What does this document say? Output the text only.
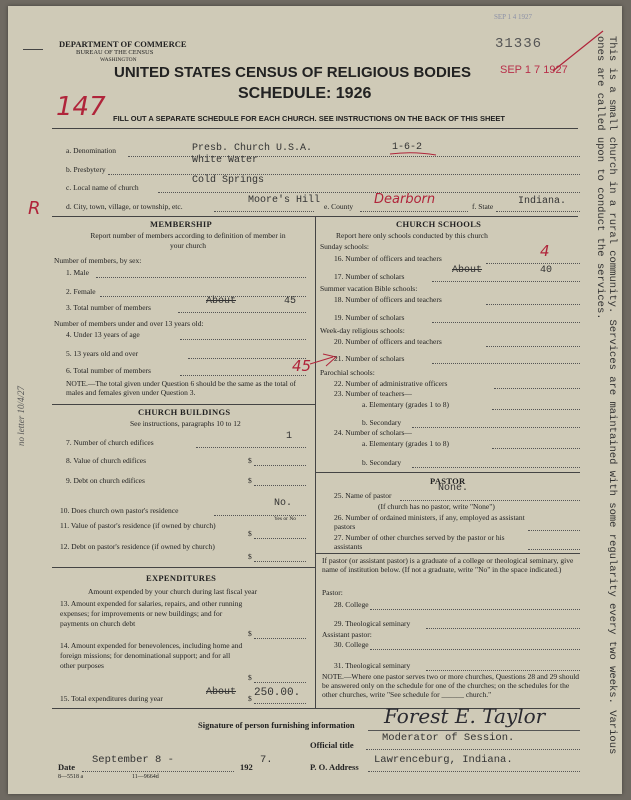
DEPARTMENT OF COMMERCE
BUREAU OF THE CENSUS
WASHINGTON
UNITED STATES CENSUS OF RELIGIOUS BODIES
SCHEDULE: 1926
FILL OUT A SEPARATE SCHEDULE FOR EACH CHURCH. SEE INSTRUCTIONS ON THE BACK OF THIS SHEET
SEP 1 4 1927
31336
SEP 1 7 1927
147
R	This is a small church in a rural community. Services are maintained with some regularity every two weeks. Various ones are called upon to conduct the services.
no letter 10/4/27
a. Denomination	Presb. Church U.S.A.	1-6-2
b. Presbytery
White Water
c. Local name of church
Cold Springs
d. City, town, village, or township, etc.
Moore's Hill
e. County Dearborn	f. State Indiana.
MEMBERSHIP
Report number of members according to definition of member in your church
Number of members, by sex:
1. Male
2. Female
3. Total number of members
About	45
Number of members under and over 13 years old:
4. Under 13 years of age
5. 13 years old and over
6. Total number of members	45
NOTE.—The total given under Question 6 should be the same as the total of males and females given under Question 3.
CHURCH BUILDINGS
See instructions, paragraphs 10 to 12
7. Number of church edifices
1
8. Value of church edifices	$
9. Debt on church edifices	$
10. Does church own pastor's residence
No.
Yes or No
11. Value of pastor's residence (if owned by church)
$
12. Debt on pastor's residence (if owned by church)
$
EXPENDITURES
Amount expended by your church during last fiscal year
13. Amount expended for salaries, repairs, and other running expenses; for improvements or new buildings; and for payments on church debt
$
14. Amount expended for benevolences, including home and foreign missions; for denominational support; and for all other purposes
$
15. Total expenditures during year	$
About 250.00.
CHURCH SCHOOLS
Report here only schools conducted by this church
Sunday schools:
16. Number of officers and teachers	4
17. Number of scholars
About	40
Summer vacation Bible schools:
18. Number of officers and teachers
19. Number of scholars
Week-day religious schools:
20. Number of officers and teachers
21. Number of scholars
Parochial schools:
22. Number of administrative officers
23. Number of teachers—
a. Elementary (grades 1 to 8)
b. Secondary
24. Number of scholars—
a. Elementary (grades 1 to 8)
b. Secondary
PASTOR
25. Name of pastor
None.
(If church has no pastor, write "None")
26. Number of ordained ministers, if any, employed as assistant pastors
27. Number of other churches served by the pastor or his assistants
If pastor (or assistant pastor) is a graduate of a college or theological seminary, give name of institution below. (If not a graduate, write "No" in the space indicated.)
Pastor:
28. College
29. Theological seminary
Assistant pastor:
30. College
31. Theological seminary
NOTE.—Where one pastor serves two or more churches, Questions 28 and 29 should be answered only on the schedule for one of the churches; on the schedules for the other churches, write "See schedule for ______ church."
Signature of person furnishing information Forest E. Taylor
Official title
Moderator of Session.
Date
September 8 -
192
7.
P. O. Address
Lawrenceburg, Indiana.
8—5518 a	11—9664d
